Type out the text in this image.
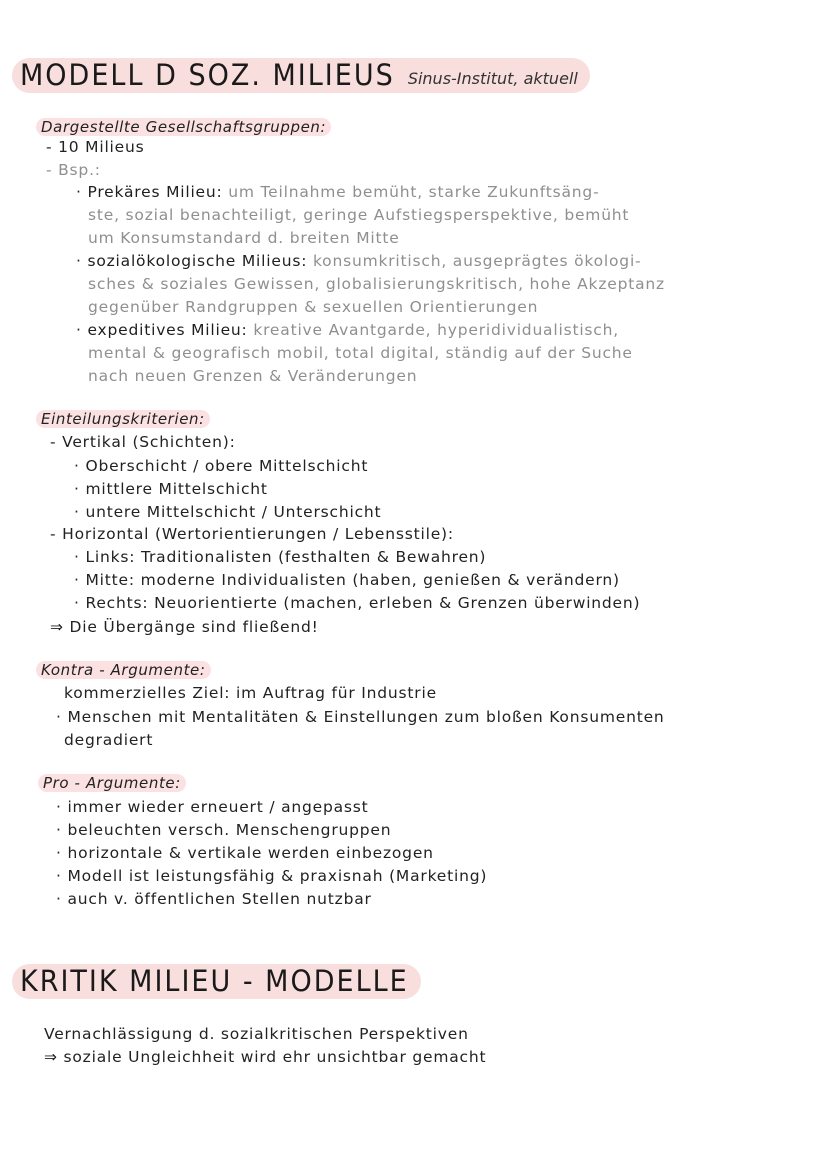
MODELL D SOZ. MILIEUS Sinus-Institut, aktuell
Dargestellte Gesellschaftsgruppen:
- 10 Milieus
- Bsp.:
· Prekäres Milieu: um Teilnahme bemüht, starke Zukunftsäng-
ste, sozial benachteiligt, geringe Aufstiegsperspektive, bemüht
um Konsumstandard d. breiten Mitte
· sozialökologische Milieus: konsumkritisch, ausgeprägtes ökologi-
sches & soziales Gewissen, globalisierungskritisch, hohe Akzeptanz
gegenüber Randgruppen & sexuellen Orientierungen
· expeditives Milieu: kreative Avantgarde, hyperidividualistisch,
mental & geografisch mobil, total digital, ständig auf der Suche
nach neuen Grenzen & Veränderungen
Einteilungskriterien:
- Vertikal (Schichten):
· Oberschicht / obere Mittelschicht
· mittlere Mittelschicht
· untere Mittelschicht / Unterschicht
- Horizontal (Wertorientierungen / Lebensstile):
· Links: Traditionalisten (festhalten & Bewahren)
· Mitte: moderne Individualisten (haben, genießen & verändern)
· Rechts: Neuorientierte (machen, erleben & Grenzen überwinden)
⇒ Die Übergänge sind fließend!
Kontra - Argumente:
kommerzielles Ziel: im Auftrag für Industrie
· Menschen mit Mentalitäten & Einstellungen zum bloßen Konsumenten
degradiert
Pro - Argumente:
· immer wieder erneuert / angepasst
· beleuchten versch. Menschengruppen
· horizontale & vertikale werden einbezogen
· Modell ist leistungsfähig & praxisnah (Marketing)
· auch v. öffentlichen Stellen nutzbar
KRITIK MILIEU - MODELLE
Vernachlässigung d. sozialkritischen Perspektiven
⇒ soziale Ungleichheit wird ehr unsichtbar gemacht
